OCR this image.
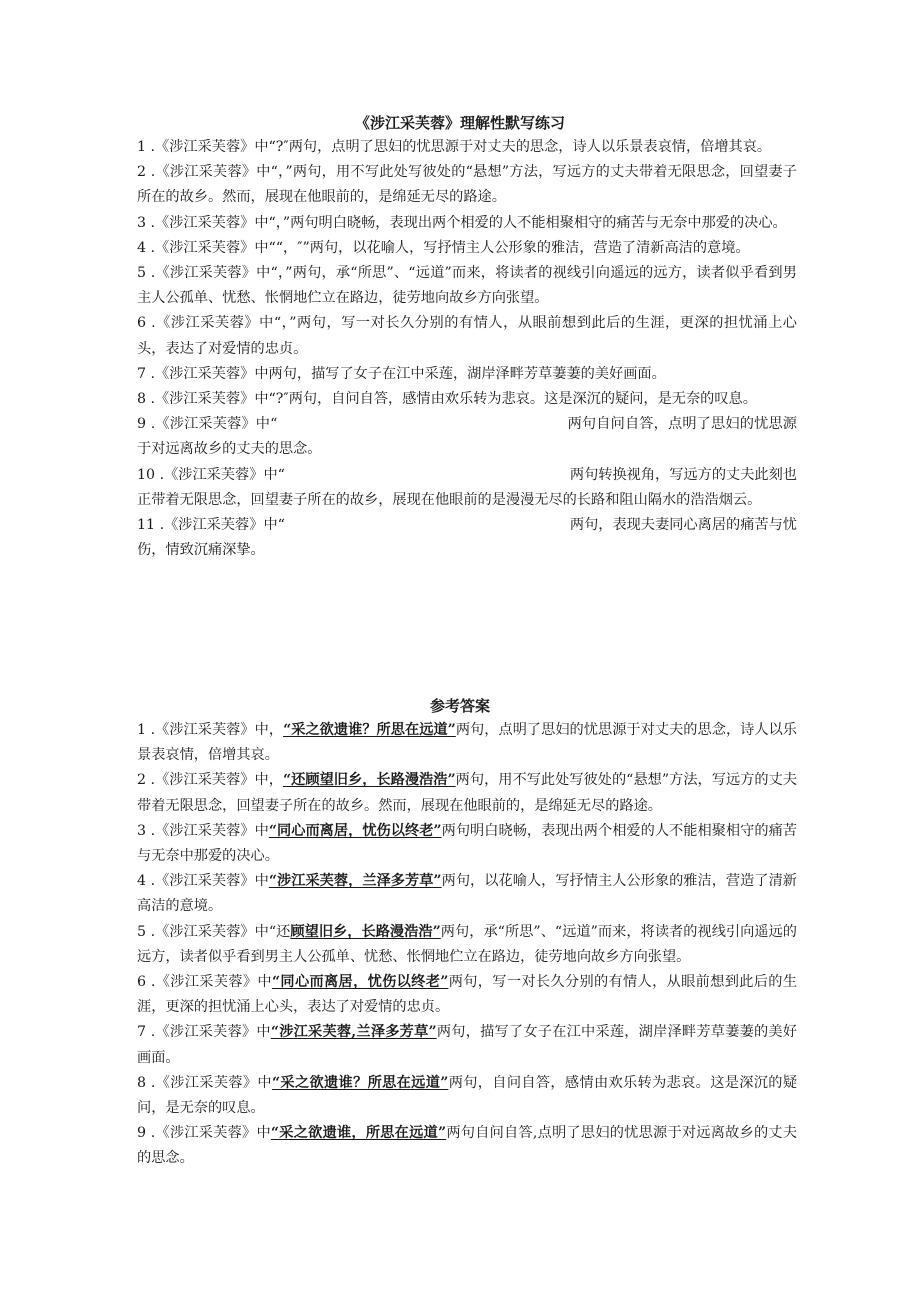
《涉江采芙蓉》理解性默写练习

1 .《涉江采芙蓉》中“?″两句，点明了思妇的忧思源于对丈夫的思念，诗人以乐景表哀情，倍增其哀。

2 .《涉江采芙蓉》中“，”两句，用不写此处写彼处的“悬想”方法，写远方的丈夫带着无限思念，回望妻子所在的故乡。然而，展现在他眼前的，是绵延无尽的路途。

3 .《涉江采芙蓉》中“，”两句明白晓畅，表现出两个相爱的人不能相聚相守的痛苦与无奈中那爱的决心。

4 .《涉江采芙蓉》中““，″”两句，以花喻人，写抒情主人公形象的雅洁，营造了清新高洁的意境。

5 .《涉江采芙蓉》中“，”两句，承“所思”、“远道”而来，将读者的视线引向遥远的远方，读者似乎看到男主人公孤单、忧愁、怅惘地伫立在路边，徒劳地向故乡方向张望。

6 .《涉江采芙蓉》中“，”两句，写一对长久分别的有情人，从眼前想到此后的生涯，更深的担忧涌上心头，表达了对爱情的忠贞。

7 .《涉江采芙蓉》中两句，描写了女子在江中采莲，湖岸泽畔芳草萋萋的美好画面。

8 .《涉江采芙蓉》中“?″两句，自问自答，感情由欢乐转为悲哀。这是深沉的疑问，是无奈的叹息。

9 .《涉江采芙蓉》中“	两句自问自答，点明了思妇的忧思源于对远离故乡的丈夫的思念。

10 .《涉江采芙蓉》中“	两句转换视角，写远方的丈夫此刻也正带着无限思念，回望妻子所在的故乡，展现在他眼前的是漫漫无尽的长路和阻山隔水的浩浩烟云。

11 .《涉江采芙蓉》中“	两句，表现夫妻同心离居的痛苦与忧伤，情致沉痛深挚。

参考答案

1 .《涉江采芙蓉》中，“采之欲遗谁？所思在远道”两句，点明了思妇的忧思源于对丈夫的思念，诗人以乐景表哀情，倍增其哀。

2 .《涉江采芙蓉》中，“还顾望旧乡，长路漫浩浩”两句，用不写此处写彼处的“悬想”方法，写远方的丈夫带着无限思念，回望妻子所在的故乡。然而，展现在他眼前的，是绵延无尽的路途。

3 .《涉江采芙蓉》中“同心而离居，忧伤以终老”两句明白晓畅，表现出两个相爱的人不能相聚相守的痛苦与无奈中那爱的决心。

4 .《涉江采芙蓉》中“涉江采芙蓉，兰泽多芳草”两句，以花喻人，写抒情主人公形象的雅洁，营造了清新高洁的意境。

5 .《涉江采芙蓉》中“还顾望旧乡，长路漫浩浩”两句，承“所思”、“远道”而来，将读者的视线引向遥远的远方，读者似乎看到男主人公孤单、忧愁、怅惘地伫立在路边，徒劳地向故乡方向张望。

6 .《涉江采芙蓉》中“同心而离居，忧伤以终老”两句，写一对长久分别的有情人，从眼前想到此后的生涯，更深的担忧涌上心头，表达了对爱情的忠贞。

7 .《涉江采芙蓉》中“涉江采芙蓉,兰泽多芳草”两句，描写了女子在江中采莲，湖岸泽畔芳草萋萋的美好画面。

8 .《涉江采芙蓉》中“采之欲遗谁？所思在远道”两句，自问自答，感情由欢乐转为悲哀。这是深沉的疑问，是无奈的叹息。

9 .《涉江采芙蓉》中“采之欲遗谁，所思在远道”两句自问自答,点明了思妇的忧思源于对远离故乡的丈夫的思念。
